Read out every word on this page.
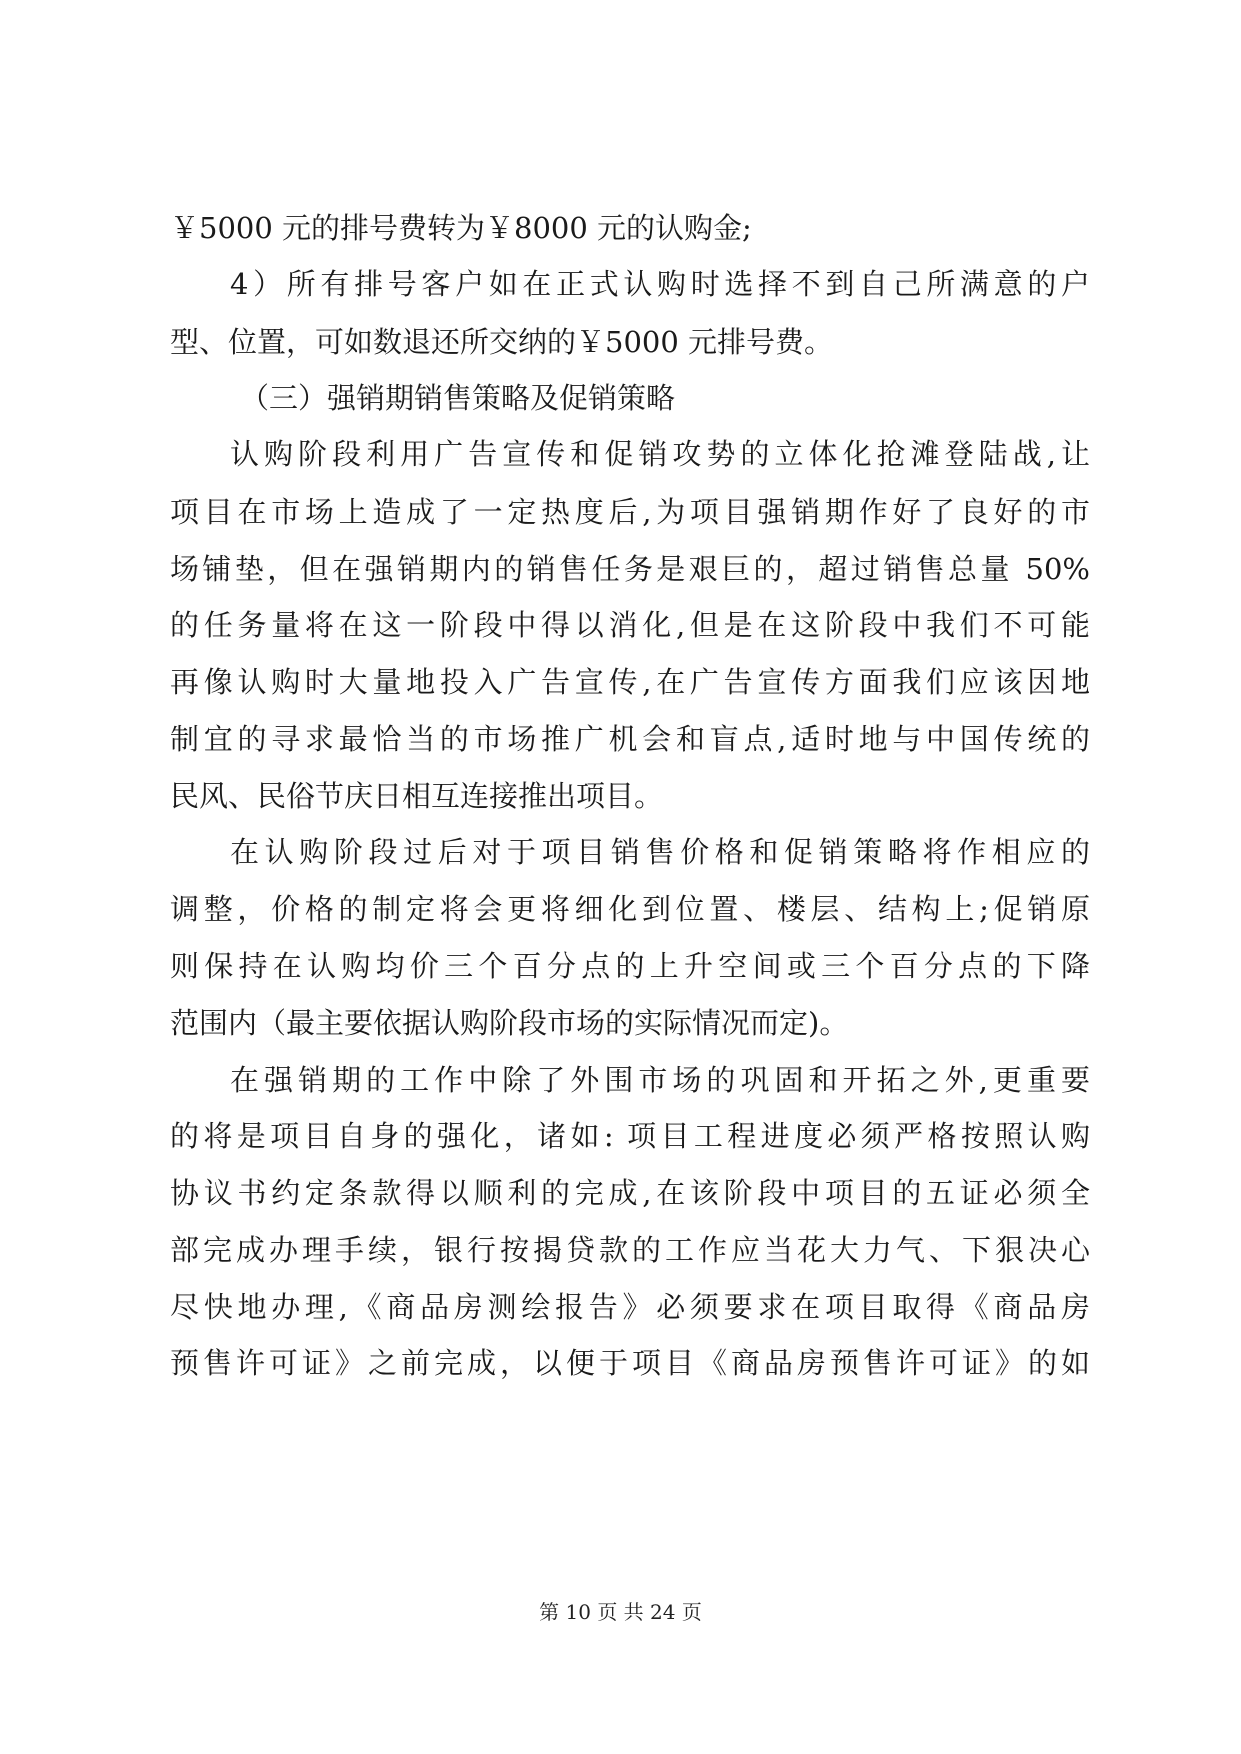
￥5000 元的排号费转为￥8000 元的认购金;
4）所有排号客户如在正式认购时选择不到自己所满意的户
型、位置，可如数退还所交纳的￥5000 元排号费。
（三）强销期销售策略及促销策略
认购阶段利用广告宣传和促销攻势的立体化抢滩登陆战,让
项目在市场上造成了一定热度后,为项目强销期作好了良好的市
场铺垫，但在强销期内的销售任务是艰巨的，超过销售总量 50%
的任务量将在这一阶段中得以消化,但是在这阶段中我们不可能
再像认购时大量地投入广告宣传,在广告宣传方面我们应该因地
制宜的寻求最恰当的市场推广机会和盲点,适时地与中国传统的
民风、民俗节庆日相互连接推出项目。
在认购阶段过后对于项目销售价格和促销策略将作相应的
调整，价格的制定将会更将细化到位置、楼层、结构上;促销原
则保持在认购均价三个百分点的上升空间或三个百分点的下降
范围内（最主要依据认购阶段市场的实际情况而定)。
在强销期的工作中除了外围市场的巩固和开拓之外,更重要
的将是项目自身的强化，诸如: 项目工程进度必须严格按照认购
协议书约定条款得以顺利的完成,在该阶段中项目的五证必须全
部完成办理手续，银行按揭贷款的工作应当花大力气、下狠决心
尽快地办理,《商品房测绘报告》必须要求在项目取得《商品房
预售许可证》之前完成，以便于项目《商品房预售许可证》的如
第 10 页 共 24 页
